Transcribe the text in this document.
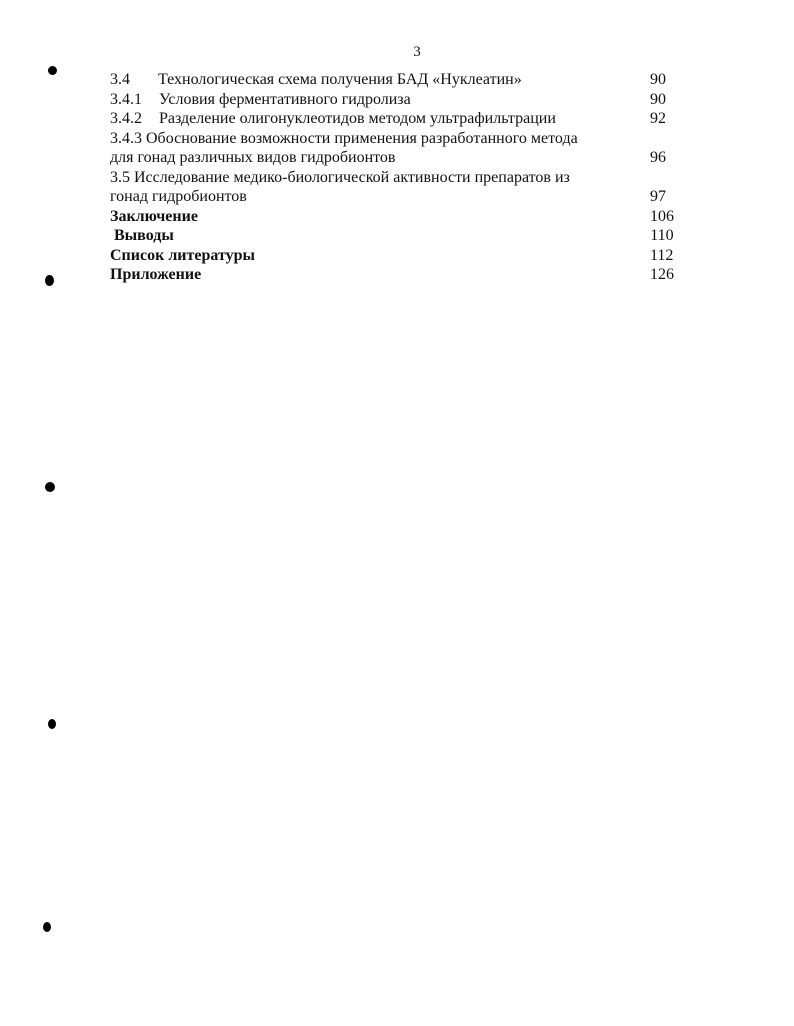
3
3.4 Технологическая схема получения БАД «Нуклеатин»	90
3.4.1 Условия ферментативного гидролиза	90
3.4.2 Разделение олигонуклеотидов методом ультрафильтрации	92
3.4.3 Обоснование возможности применения разработанного метода
для гонад различных видов гидробионтов	96
3.5 Исследование медико-биологической активности препаратов из
гонад гидробионтов	97
Заключение	106
Выводы	110
Список литературы	112
Приложение	126
